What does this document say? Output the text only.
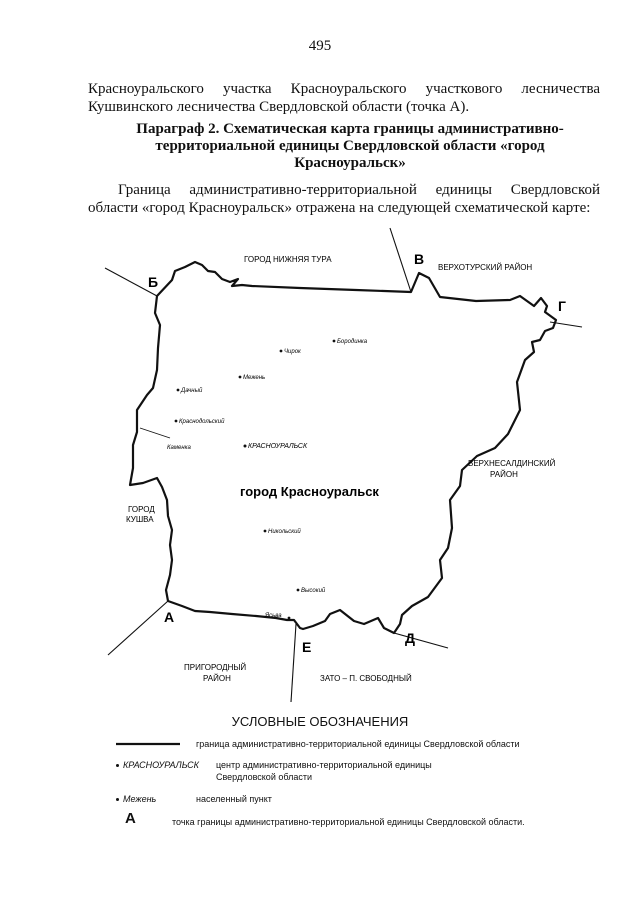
495
Красноуральского участка Красноуральского участкового лесничества Кушвинского лесничества Свердловской области (точка А).
Параграф 2. Схематическая карта границы административно-территориальной единицы Свердловской области «город Красноуральск»
Граница административно-территориальной единицы Свердловской области «город Красноуральск» отражена на следующей схематической карте:
Б
В
Г
А
Е
Д
ГОРОД НИЖНЯЯ ТУРА
ВЕРХОТУРСКИЙ РАЙОН
ВЕРХНЕСАЛДИНСКИЙ
РАЙОН
ГОРОД
КУШВА
ПРИГОРОДНЫЙ
РАЙОН	ЗАТО – П. СВОБОДНЫЙ
город Красноуральск
Бородинка
Чирок
Межень
Дачный
Краснодольский
Каменка	КРАСНОУРАЛЬСК
Никольский
Высокий
Ясьва
УСЛОВНЫЕ ОБОЗНАЧЕНИЯ
граница административно-территориальной единицы Свердловской области
КРАСНОУРАЛЬСК центр административно-территориальной единицы
Свердловской области
Межень	населенный пункт
А	точка границы административно-территориальной единицы Свердловской области.
